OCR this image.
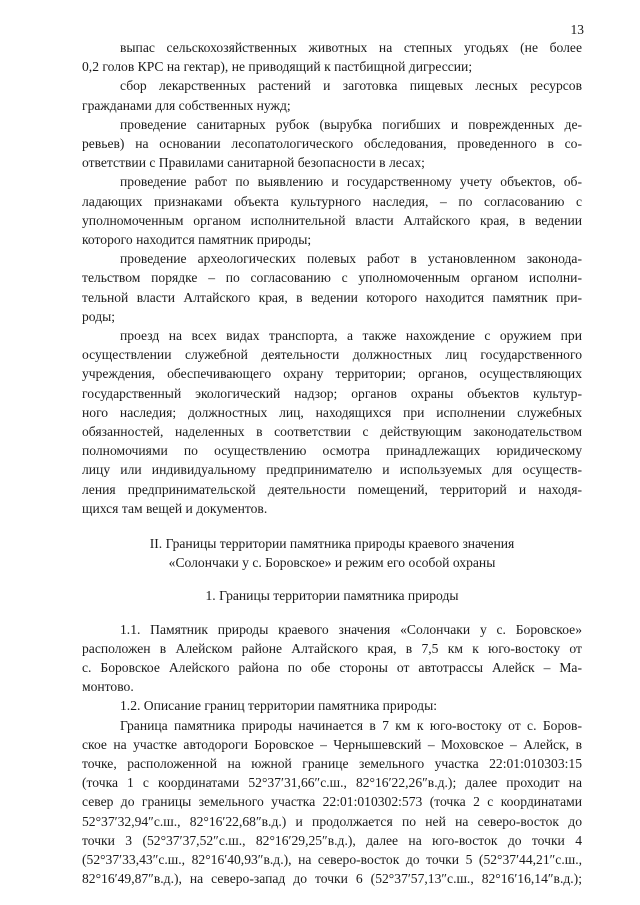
13
выпас сельскохозяйственных животных на степных угодьях (не более
0,2 голов КРС на гектар), не приводящий к пастбищной дигрессии;
сбор лекарственных растений и заготовка пищевых лесных ресурсов
гражданами для собственных нужд;
проведение санитарных рубок (вырубка погибших и поврежденных де-
ревьев) на основании лесопатологического обследования, проведенного в со-
ответствии с Правилами санитарной безопасности в лесах;
проведение работ по выявлению и государственному учету объектов, об-
ладающих признаками объекта культурного наследия, – по согласованию с
уполномоченным органом исполнительной власти Алтайского края, в ведении
которого находится памятник природы;
проведение археологических полевых работ в установленном законода-
тельством порядке – по согласованию с уполномоченным органом исполни-
тельной власти Алтайского края, в ведении которого находится памятник при-
роды;
проезд на всех видах транспорта, а также нахождение с оружием при
осуществлении служебной деятельности должностных лиц государственного
учреждения, обеспечивающего охрану территории; органов, осуществляющих
государственный экологический надзор; органов охраны объектов культур-
ного наследия; должностных лиц, находящихся при исполнении служебных
обязанностей, наделенных в соответствии с действующим законодательством
полномочиями по осуществлению осмотра принадлежащих юридическому
лицу или индивидуальному предпринимателю и используемых для осуществ-
ления предпринимательской деятельности помещений, территорий и находя-
щихся там вещей и документов.
II. Границы территории памятника природы краевого значения
«Солончаки у с. Боровское» и режим его особой охраны
1. Границы территории памятника природы
1.1. Памятник природы краевого значения «Солончаки у с. Боровское»
расположен в Алейском районе Алтайского края, в 7,5 км к юго-востоку от
с. Боровское Алейского района по обе стороны от автотрассы Алейск – Ма-
монтово.
1.2. Описание границ территории памятника природы:
Граница памятника природы начинается в 7 км к юго-востоку от с. Боров-
ское на участке автодороги Боровское – Чернышевский – Моховское – Алейск, в
точке, расположенной на южной границе земельного участка 22:01:010303:15
(точка 1 с координатами 52°37′31,66″с.ш., 82°16′22,26″в.д.); далее проходит на
север до границы земельного участка 22:01:010302:573 (точка 2 с координатами
52°37′32,94″с.ш., 82°16′22,68″в.д.) и продолжается по ней на северо-восток до
точки 3 (52°37′37,52″с.ш., 82°16′29,25″в.д.), далее на юго-восток до точки 4
(52°37′33,43″с.ш., 82°16′40,93″в.д.), на северо-восток до точки 5 (52°37′44,21″с.ш.,
82°16′49,87″в.д.), на северо-запад до точки 6 (52°37′57,13″с.ш., 82°16′16,14″в.д.);
